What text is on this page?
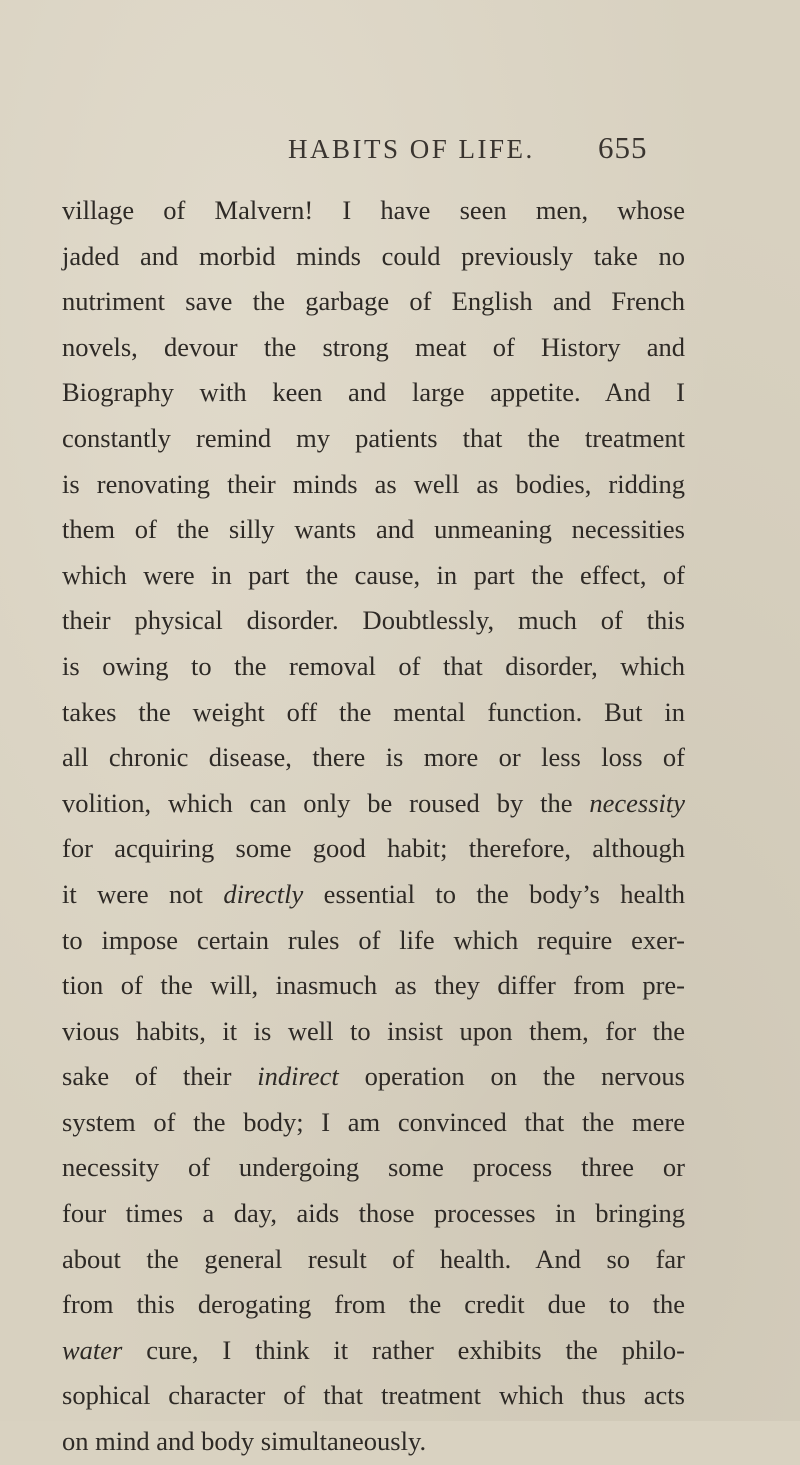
HABITS OF LIFE. 655
village of Malvern! I have seen men, whose
jaded and morbid minds could previously take no
nutriment save the garbage of English and French
novels, devour the strong meat of History and
Biography with keen and large appetite. And I
constantly remind my patients that the treatment
is renovating their minds as well as bodies, ridding
them of the silly wants and unmeaning necessities
which were in part the cause, in part the effect, of
their physical disorder. Doubtlessly, much of this
is owing to the removal of that disorder, which
takes the weight off the mental function. But in
all chronic disease, there is more or less loss of
volition, which can only be roused by the necessity
for acquiring some good habit; therefore, although
it were not directly essential to the body’s health
to impose certain rules of life which require exer-
tion of the will, inasmuch as they differ from pre-
vious habits, it is well to insist upon them, for the
sake of their indirect operation on the nervous
system of the body; I am convinced that the mere
necessity of undergoing some process three or
four times a day, aids those processes in bringing
about the general result of health. And so far
from this derogating from the credit due to the
water cure, I think it rather exhibits the philo-
sophical character of that treatment which thus acts
on mind and body simultaneously.
